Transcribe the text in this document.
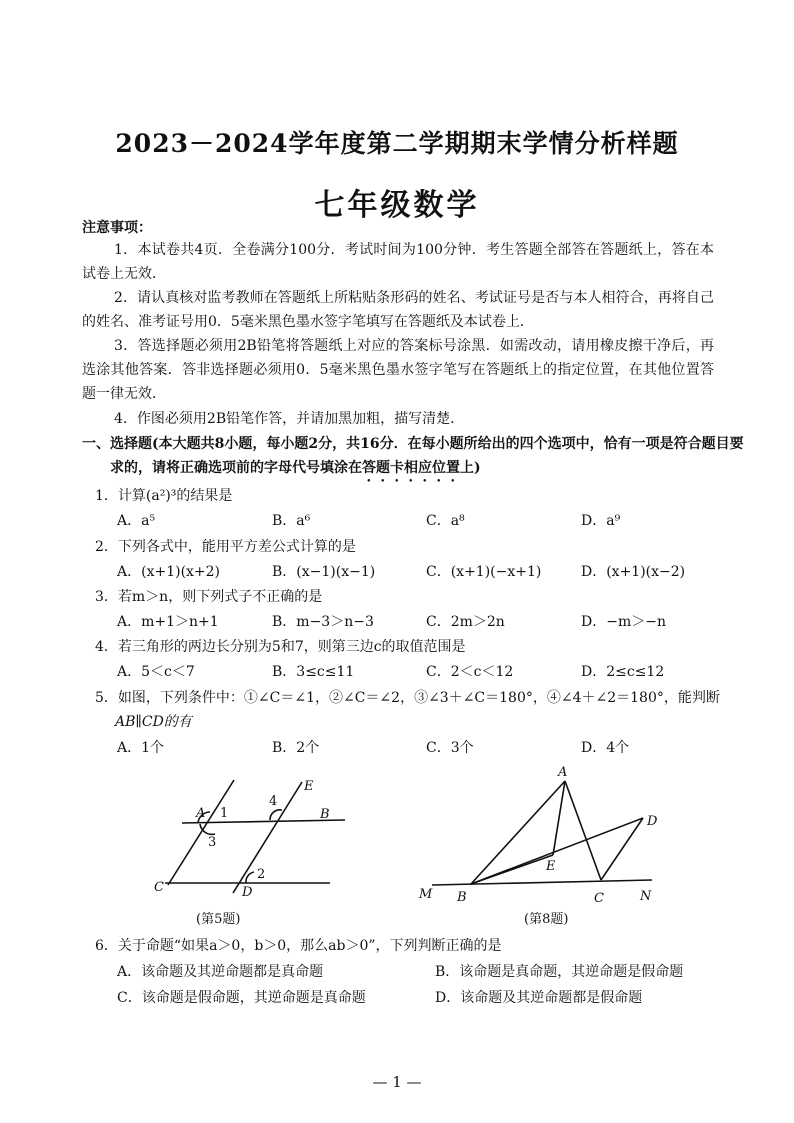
2023－2024学年度第二学期期末学情分析样题
七年级数学
注意事项：
1．本试卷共4页．全卷满分100分．考试时间为100分钟．考生答题全部答在答题纸上，答在本试卷上无效．
2．请认真核对监考教师在答题纸上所粘贴条形码的姓名、考试证号是否与本人相符合，再将自己的姓名、准考证号用0．5毫米黑色墨水签字笔填写在答题纸及本试卷上．
3．答选择题必须用2B铅笔将答题纸上对应的答案标号涂黑．如需改动，请用橡皮擦干净后，再选涂其他答案．答非选择题必须用0．5毫米黑色墨水签字笔写在答题纸上的指定位置，在其他位置答题一律无效．
4．作图必须用2B铅笔作答，并请加黑加粗，描写清楚．
一、选择题(本大题共8小题，每小题2分，共16分．在每小题所给出的四个选项中，恰有一项是符合题目要求的，请将正确选项前的字母代号填涂在答题卡相应位置上)
1．计算(a²)³的结果是
A．a⁵	B．a⁶	C．a⁸	D．a⁹
2．下列各式中，能用平方差公式计算的是
A．(x+1)(x+2)	B．(x−1)(x−1)	C．(x+1)(−x+1)	D．(x+1)(x−2)
3．若m＞n，则下列式子不正确的是
A．m+1＞n+1	B．m−3＞n−3	C．2m＞2n	D．−m＞−n
4．若三角形的两边长分别为5和7，则第三边c的取值范围是
A．5＜c＜7	B．3≤c≤11	C．2＜c＜12	D．2≤c≤12
5．如图，下列条件中：①∠C＝∠1，②∠C＝∠2，③∠3＋∠C＝180°，④∠4＋∠2＝180°，能判断
AB∥CD的有
A．1个	B．2个	C．3个	D．4个
A 1
3
4
E
B
2
C	D
A
D
E
M B	C	N
(第5题)	(第8题)
6．关于命题“如果a＞0，b＞0，那么ab＞0”，下列判断正确的是
A．该命题及其逆命题都是真命题	B．该命题是真命题，其逆命题是假命题
C．该命题是假命题，其逆命题是真命题	D．该命题及其逆命题都是假命题
— 1 —
